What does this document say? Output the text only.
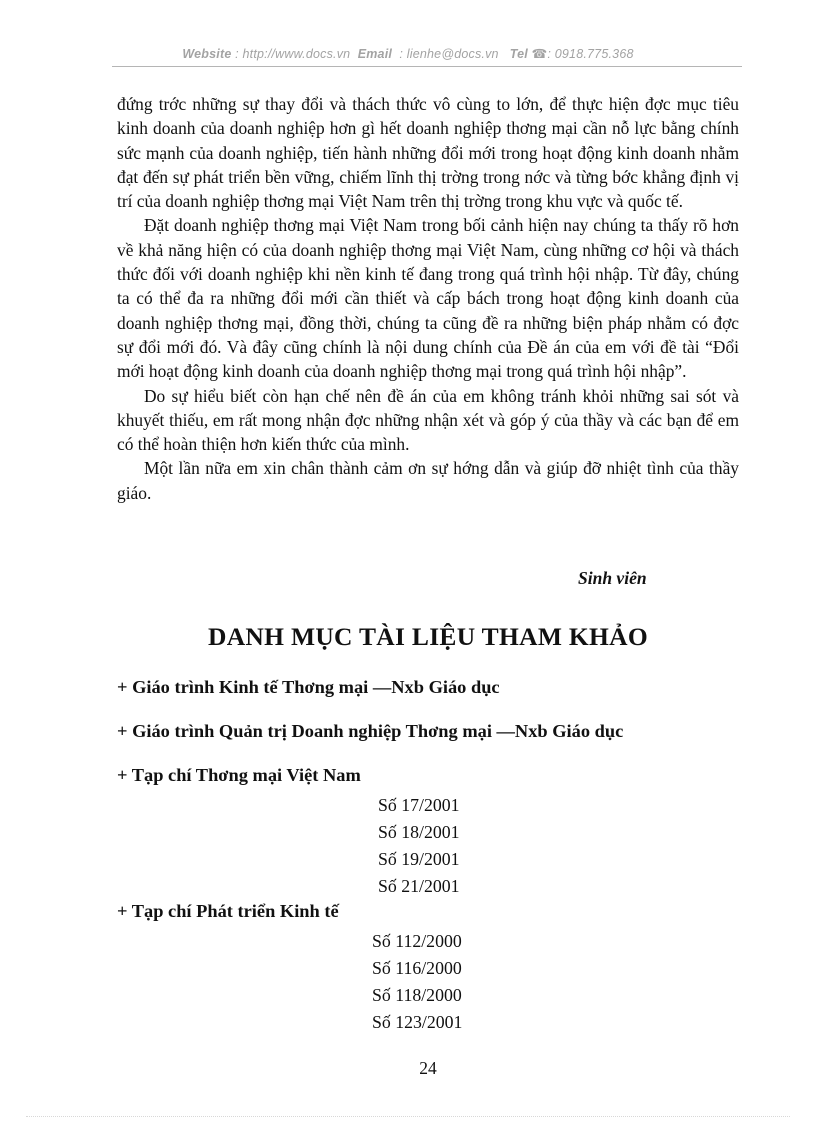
Website : http://www.docs.vn Email : lienhe@docs.vn Tel ☎: 0918.775.368

đứng trớc những sự thay đổi và thách thức vô cùng to lớn, để thực hiện đợc mục tiêu kinh doanh của doanh nghiệp hơn gì hết doanh nghiệp thơng mại cần nỗ lực bằng chính sức mạnh của doanh nghiệp, tiến hành những đổi mới trong hoạt động kinh doanh nhằm đạt đến sự phát triển bền vững, chiếm lĩnh thị trờng trong nớc và từng bớc khẳng định vị trí của doanh nghiệp thơng mại Việt Nam trên thị trờng trong khu vực và quốc tế.

Đặt doanh nghiệp thơng mại Việt Nam trong bối cảnh hiện nay chúng ta thấy rõ hơn về khả năng hiện có của doanh nghiệp thơng mại Việt Nam, cùng những cơ hội và thách thức đối với doanh nghiệp khi nền kinh tế đang trong quá trình hội nhập. Từ đây, chúng ta có thể đa ra những đổi mới cần thiết và cấp bách trong hoạt động kinh doanh của doanh nghiệp thơng mại, đồng thời, chúng ta cũng đề ra những biện pháp nhằm có đợc sự đổi mới đó. Và đây cũng chính là nội dung chính của Đề án của em với đề tài “Đổi mới hoạt động kinh doanh của doanh nghiệp thơng mại trong quá trình hội nhập”.

Do sự hiểu biết còn hạn chế nên đề án của em không tránh khỏi những sai sót và khuyết thiếu, em rất mong nhận đợc những nhận xét và góp ý của thầy và các bạn để em có thể hoàn thiện hơn kiến thức của mình.

Một lần nữa em xin chân thành cảm ơn sự hớng dẫn và giúp đỡ nhiệt tình của thầy giáo.

Sinh viên
DANH MỤC TÀI LIỆU THAM KHẢO
+ Giáo trình Kinh tế Thơng mại —Nxb Giáo dục
+ Giáo trình Quản trị Doanh nghiệp Thơng mại —Nxb Giáo dục
+ Tạp chí Thơng mại Việt Nam
Số 17/2001
Số 18/2001
Số 19/2001
Số 21/2001
+ Tạp chí Phát triển Kinh tế
Số 112/2000
Số 116/2000
Số 118/2000
Số 123/2001
24
